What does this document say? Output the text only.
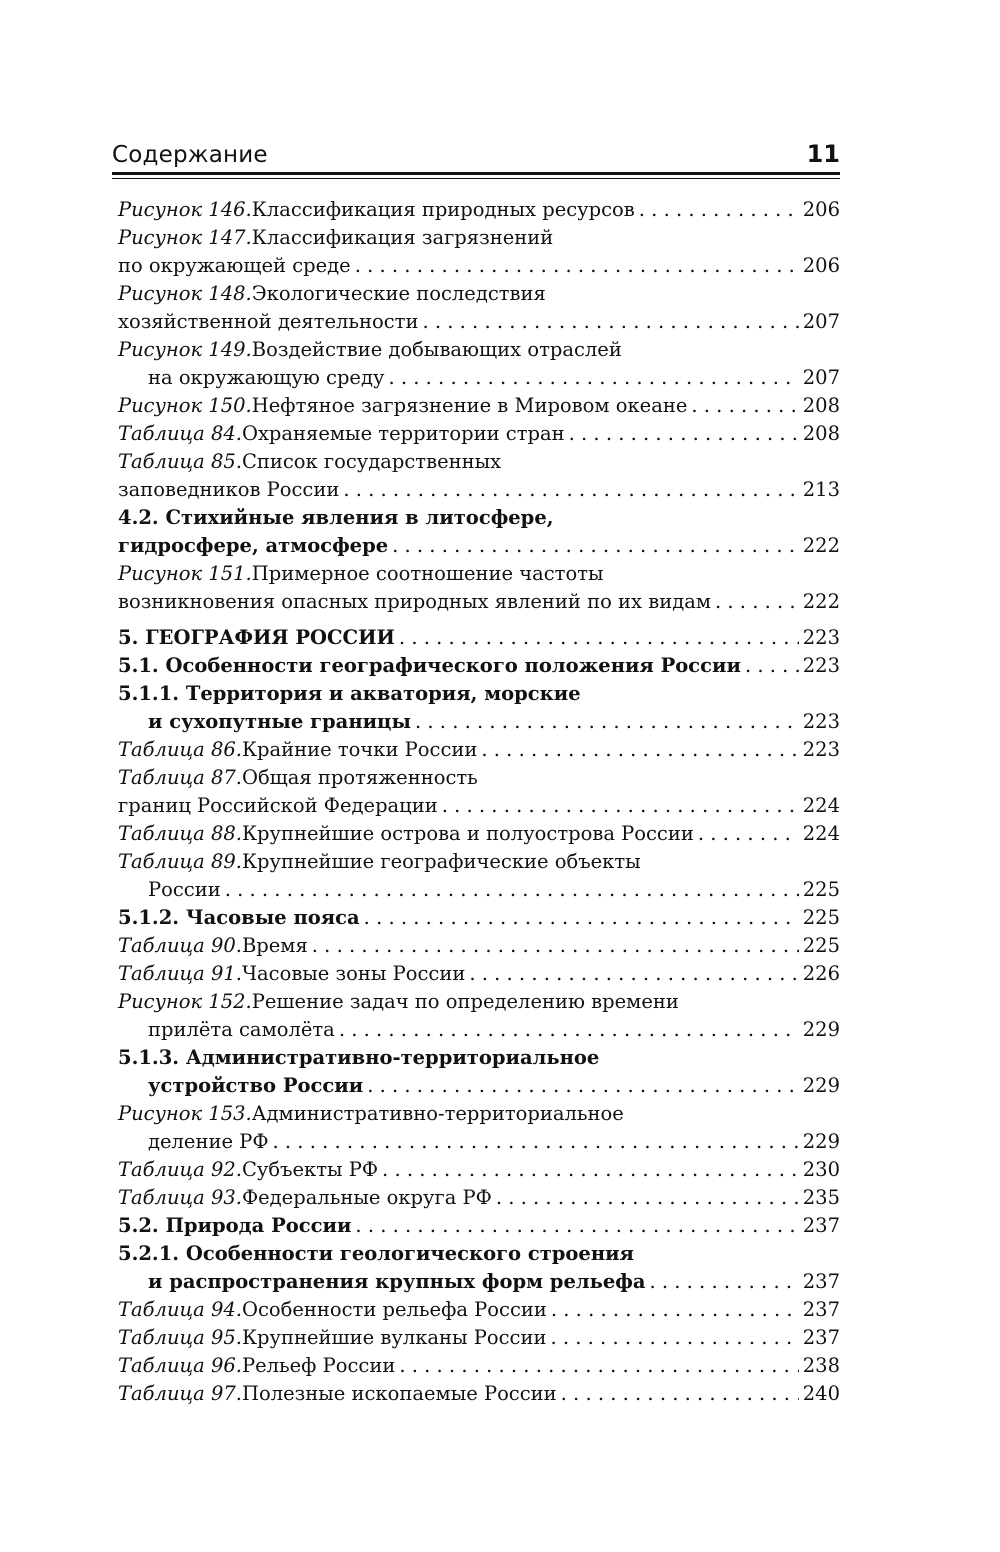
Содержание	11
Рисунок 146. Классификация природных ресурсов . . .	206
Рисунок 147. Классификация загрязнений
по окружающей среде . . .	206
Рисунок 148. Экологические последствия
хозяйственной деятельности . . .	207
Рисунок 149. Воздействие добывающих отраслей
на окружающую среду . . .	207
Рисунок 150. Нефтяное загрязнение в Мировом океане . . .	208
Таблица 84. Охраняемые территории стран . . .	208
Таблица 85. Список государственных
заповедников России . . .	213
4.2. Стихийные явления в литосфере,
гидросфере, атмосфере . . .	222
Рисунок 151. Примерное соотношение частоты
возникновения опасных природных явлений по их видам . . .	222
5. ГЕОГРАФИЯ РОССИИ . . .	223
5.1. Особенности географического положения России . . .	223
5.1.1. Территория и акватория, морские
и сухопутные границы . . .	223
Таблица 86. Крайние точки России . . .	223
Таблица 87. Общая протяженность
границ Российской Федерации . . .	224
Таблица 88. Крупнейшие острова и полуострова России . . .	224
Таблица 89. Крупнейшие географические объекты
России . . .	225
5.1.2. Часовые пояса . . .	225
Таблица 90. Время . . .	225
Таблица 91. Часовые зоны России . . .	226
Рисунок 152. Решение задач по определению времени
прилёта самолёта . . .	229
5.1.3. Административно-территориальное
устройство России . . .	229
Рисунок 153. Административно-территориальное
деление РФ . . .	229
Таблица 92. Субъекты РФ . . .	230
Таблица 93. Федеральные округа РФ . . .	235
5.2. Природа России . . .	237
5.2.1. Особенности геологического строения
и распространения крупных форм рельефа . . .	237
Таблица 94. Особенности рельефа России . . .	237
Таблица 95. Крупнейшие вулканы России . . .	237
Таблица 96. Рельеф России . . .	238
Таблица 97. Полезные ископаемые России . . .	240
